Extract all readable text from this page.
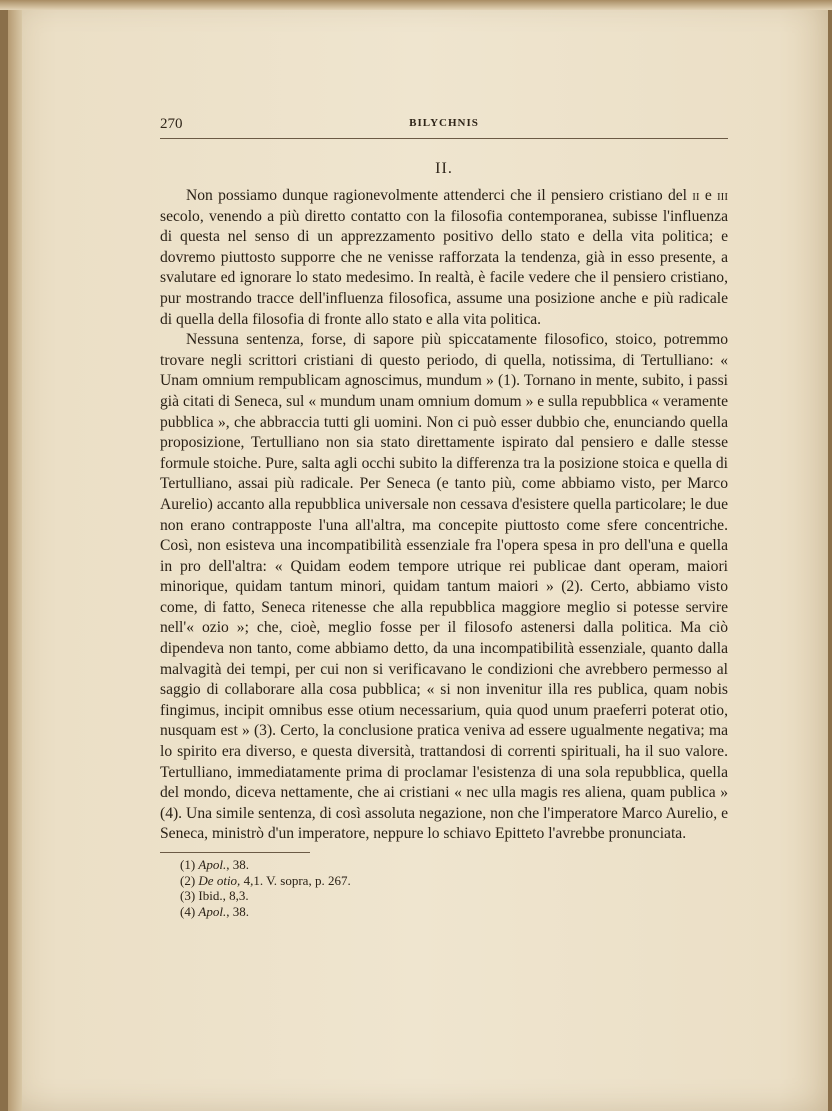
270	BILYCHNIS
II.

Non possiamo dunque ragionevolmente attenderci che il pensiero cristiano del ii e iii secolo, venendo a più diretto contatto con la filosofia contemporanea, subisse l'influenza di questa nel senso di un apprezzamento positivo dello stato e della vita politica; e dovremo piuttosto supporre che ne venisse rafforzata la tendenza, già in esso presente, a svalutare ed ignorare lo stato medesimo. In realtà, è facile vedere che il pensiero cristiano, pur mostrando tracce dell'influenza filosofica, assume una posizione anche e più radicale di quella della filosofia di fronte allo stato e alla vita politica.

Nessuna sentenza, forse, di sapore più spiccatamente filosofico, stoico, potremmo trovare negli scrittori cristiani di questo periodo, di quella, notissima, di Tertulliano: « Unam omnium rempublicam agnoscimus, mundum » (1). Tornano in mente, subito, i passi già citati di Seneca, sul « mundum unam omnium domum » e sulla repubblica « veramente pubblica », che abbraccia tutti gli uomini. Non ci può esser dubbio che, enunciando quella proposizione, Tertulliano non sia stato direttamente ispirato dal pensiero e dalle stesse formule stoiche. Pure, salta agli occhi subito la differenza tra la posizione stoica e quella di Tertulliano, assai più radicale. Per Seneca (e tanto più, come abbiamo visto, per Marco Aurelio) accanto alla repubblica universale non cessava d'esistere quella particolare; le due non erano contrapposte l'una all'altra, ma concepite piuttosto come sfere concentriche. Così, non esisteva una incompatibilità essenziale fra l'opera spesa in pro dell'una e quella in pro dell'altra: « Quidam eodem tempore utrique rei publicae dant operam, maiori minorique, quidam tantum minori, quidam tantum maiori » (2). Certo, abbiamo visto come, di fatto, Seneca ritenesse che alla repubblica maggiore meglio si potesse servire nell'« ozio »; che, cioè, meglio fosse per il filosofo astenersi dalla politica. Ma ciò dipendeva non tanto, come abbiamo detto, da una incompatibilità essenziale, quanto dalla malvagità dei tempi, per cui non si verificavano le condizioni che avrebbero permesso al saggio di collaborare alla cosa pubblica; « si non invenitur illa res publica, quam nobis fingimus, incipit omnibus esse otium necessarium, quia quod unum praeferri poterat otio, nusquam est » (3). Certo, la conclusione pratica veniva ad essere ugualmente negativa; ma lo spirito era diverso, e questa diversità, trattandosi di correnti spirituali, ha il suo valore. Tertulliano, immediatamente prima di proclamar l'esistenza di una sola repubblica, quella del mondo, diceva nettamente, che ai cristiani « nec ulla magis res aliena, quam publica » (4). Una simile sentenza, di così assoluta negazione, non che l'imperatore Marco Aurelio, e Seneca, ministrò d'un imperatore, neppure lo schiavo Epitteto l'avrebbe pronunciata.

(1) Apol., 38.
(2) De otio, 4,1. V. sopra, p. 267.
(3) Ibid., 8,3.
(4) Apol., 38.
